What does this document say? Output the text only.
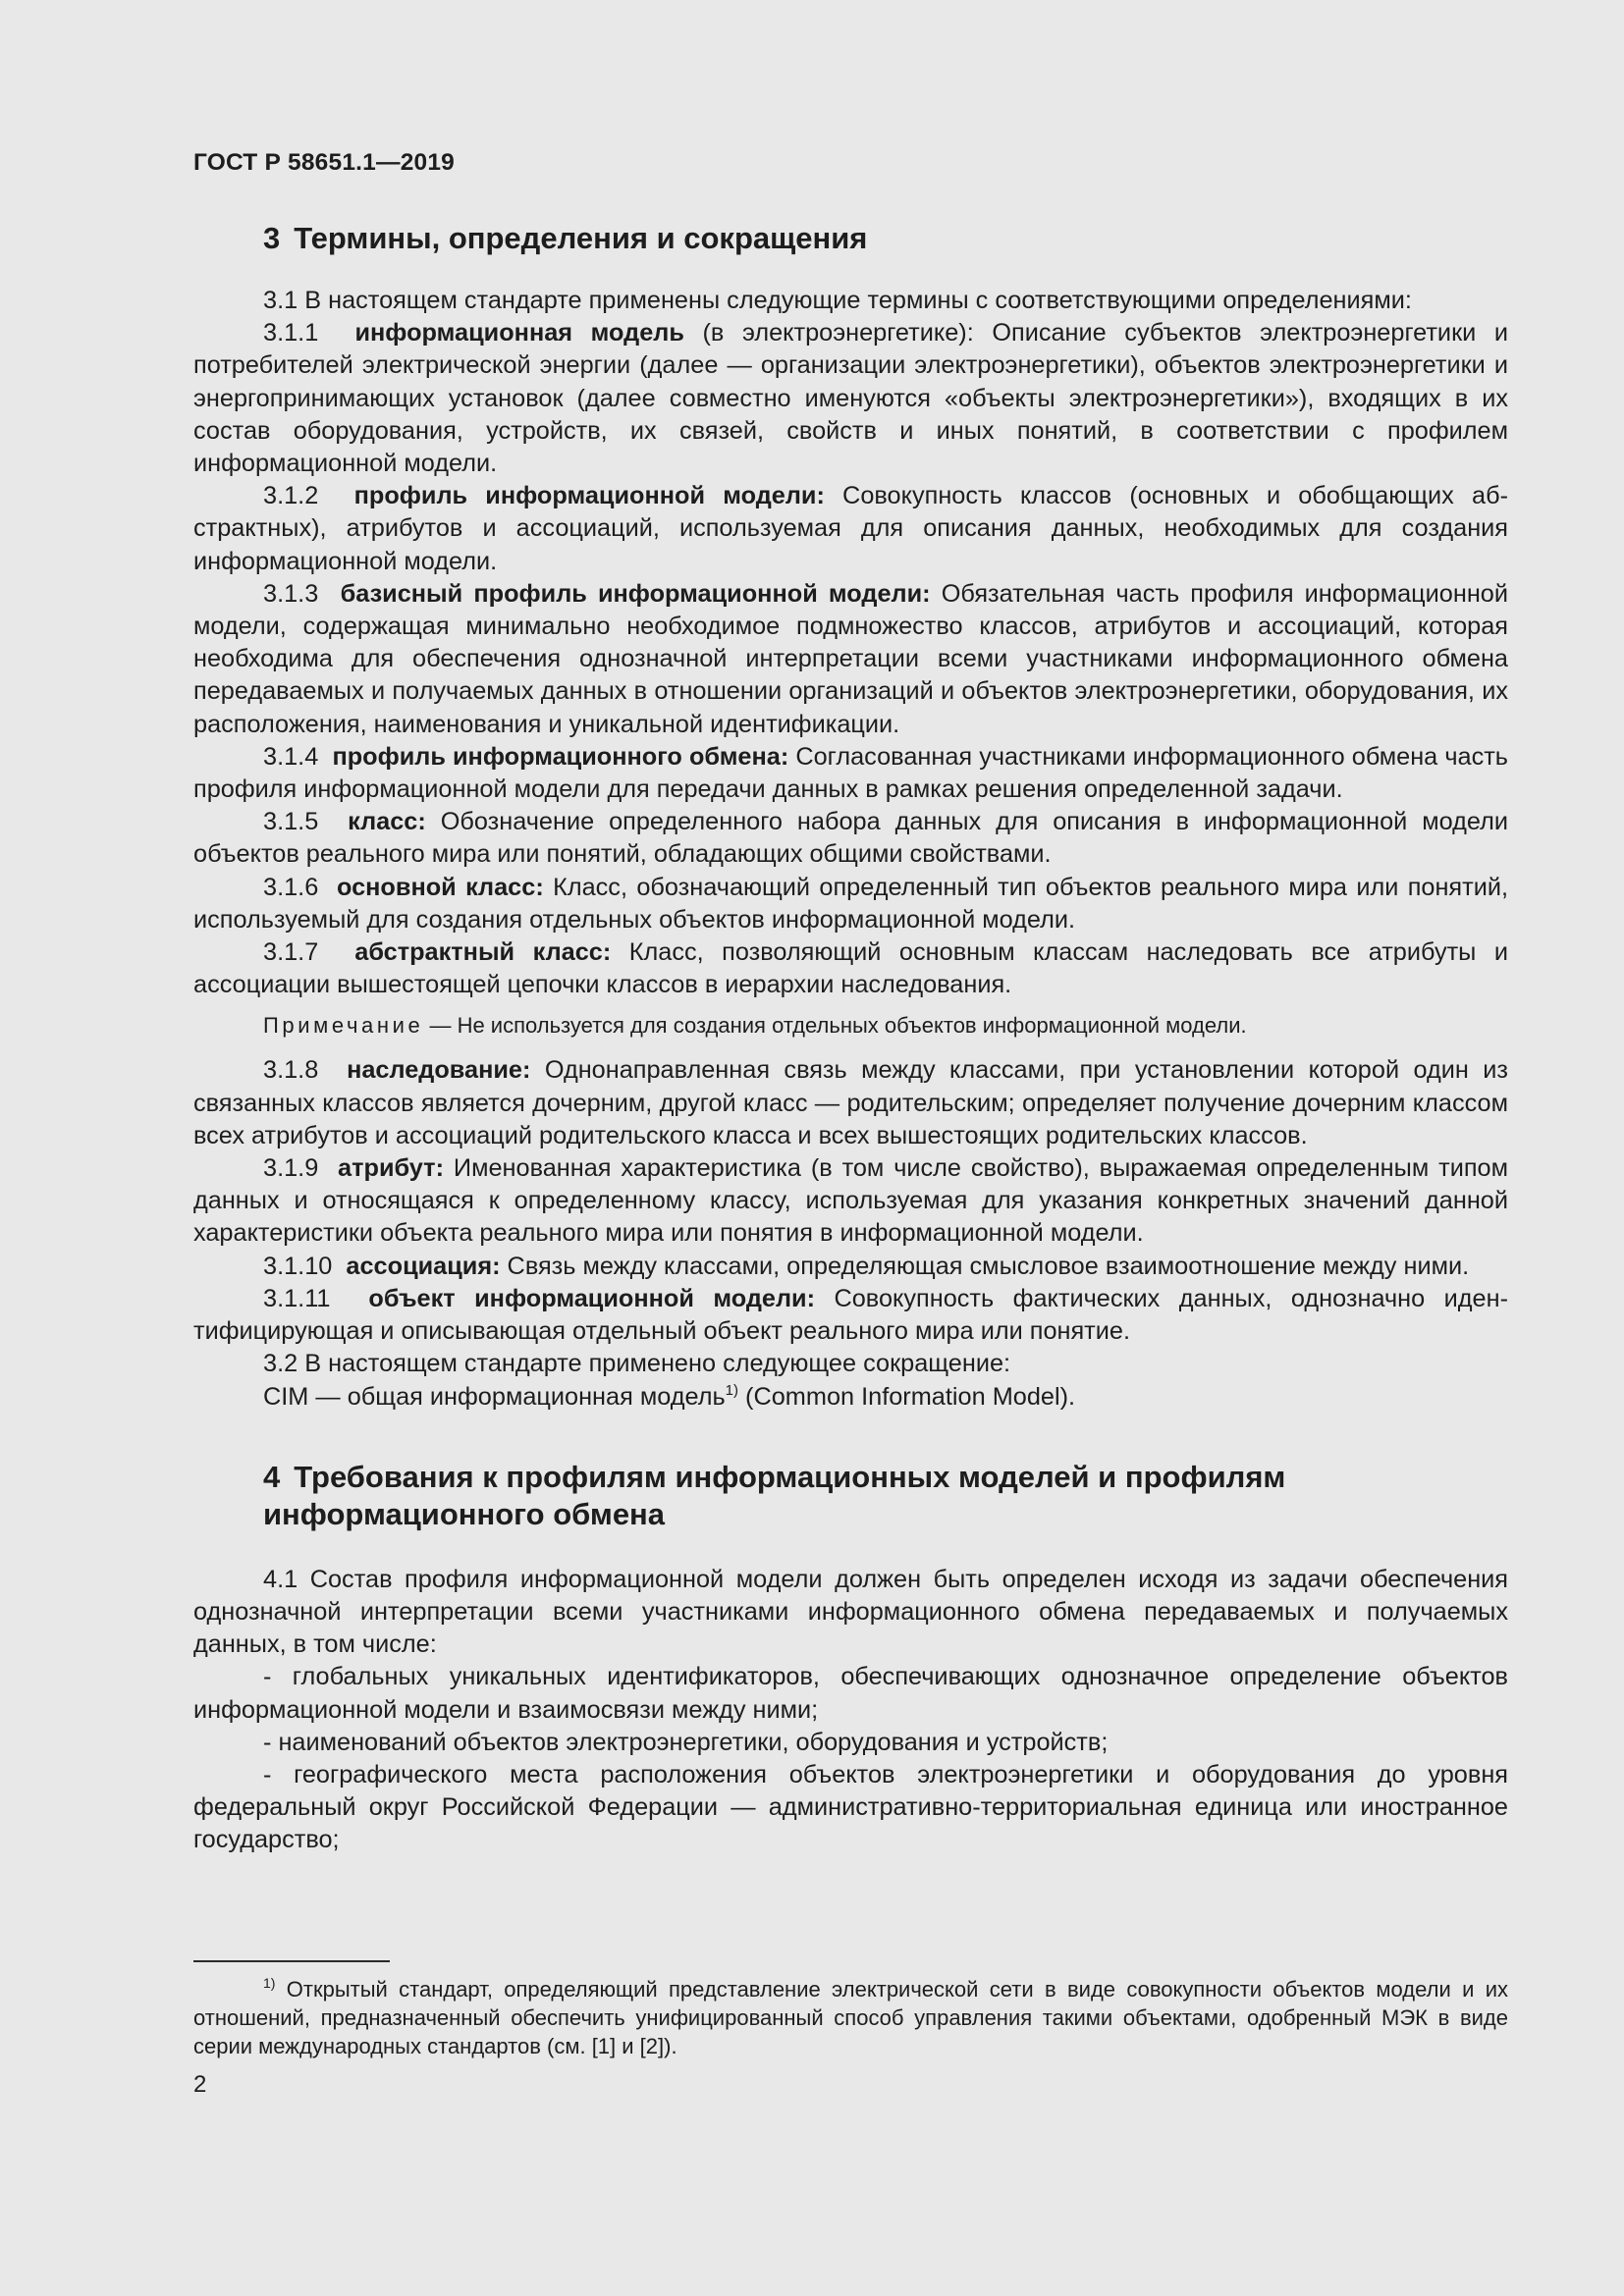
ГОСТ Р 58651.1—2019
3 Термины, определения и сокращения

3.1 В настоящем стандарте применены следующие термины с соответствующими определениями:

3.1.1 информационная модель (в электроэнергетике): Описание субъектов электроэнергетики и потребителей электрической энергии (далее — организации электроэнергетики), объектов электроэнергетики и энергопринимающих установок (далее совместно именуются «объекты электроэнергетики»), входящих в их состав оборудования, устройств, их связей, свойств и иных понятий, в соответствии с профилем информационной модели.

3.1.2 профиль информационной модели: Совокупность классов (основных и обобщающих абстрактных), атрибутов и ассоциаций, используемая для описания данных, необходимых для создания информационной модели.

3.1.3 базисный профиль информационной модели: Обязательная часть профиля информационной модели, содержащая минимально необходимое подмножество классов, атрибутов и ассоциаций, которая необходима для обеспечения однозначной интерпретации всеми участниками информационного обмена передаваемых и получаемых данных в отношении организаций и объектов электроэнергетики, оборудования, их расположения, наименования и уникальной идентификации.

3.1.4 профиль информационного обмена: Согласованная участниками информационного обмена часть профиля информационной модели для передачи данных в рамках решения определенной задачи.

3.1.5 класс: Обозначение определенного набора данных для описания в информационной модели объектов реального мира или понятий, обладающих общими свойствами.

3.1.6 основной класс: Класс, обозначающий определенный тип объектов реального мира или понятий, используемый для создания отдельных объектов информационной модели.

3.1.7 абстрактный класс: Класс, позволяющий основным классам наследовать все атрибуты и ассоциации вышестоящей цепочки классов в иерархии наследования.

Примечание — Не используется для создания отдельных объектов информационной модели.

3.1.8 наследование: Однонаправленная связь между классами, при установлении которой один из связанных классов является дочерним, другой класс — родительским; определяет получение дочерним классом всех атрибутов и ассоциаций родительского класса и всех вышестоящих родительских классов.

3.1.9 атрибут: Именованная характеристика (в том числе свойство), выражаемая определенным типом данных и относящаяся к определенному классу, используемая для указания конкретных значений данной характеристики объекта реального мира или понятия в информационной модели.

3.1.10 ассоциация: Связь между классами, определяющая смысловое взаимоотношение между ними.

3.1.11 объект информационной модели: Совокупность фактических данных, однозначно идентифицирующая и описывающая отдельный объект реального мира или понятие.

3.2 В настоящем стандарте применено следующее сокращение:

CIM — общая информационная модель$^{1)}$ (Common Information Model).

4 Требования к профилям информационных моделей и профилям
информационного обмена

4.1 Состав профиля информационной модели должен быть определен исходя из задачи обеспечения однозначной интерпретации всеми участниками информационного обмена передаваемых и получаемых данных, в том числе:

- глобальных уникальных идентификаторов, обеспечивающих однозначное определение объектов информационной модели и взаимосвязи между ними;

- наименований объектов электроэнергетики, оборудования и устройств;

- географического места расположения объектов электроэнергетики и оборудования до уровня федеральный округ Российской Федерации — административно-территориальная единица или иностранное государство;

$^{1)}$ Открытый стандарт, определяющий представление электрической сети в виде совокупности объектов модели и их отношений, предназначенный обеспечить унифицированный способ управления такими объектами, одобренный МЭК в виде серии международных стандартов (см. [1] и [2]).
2
